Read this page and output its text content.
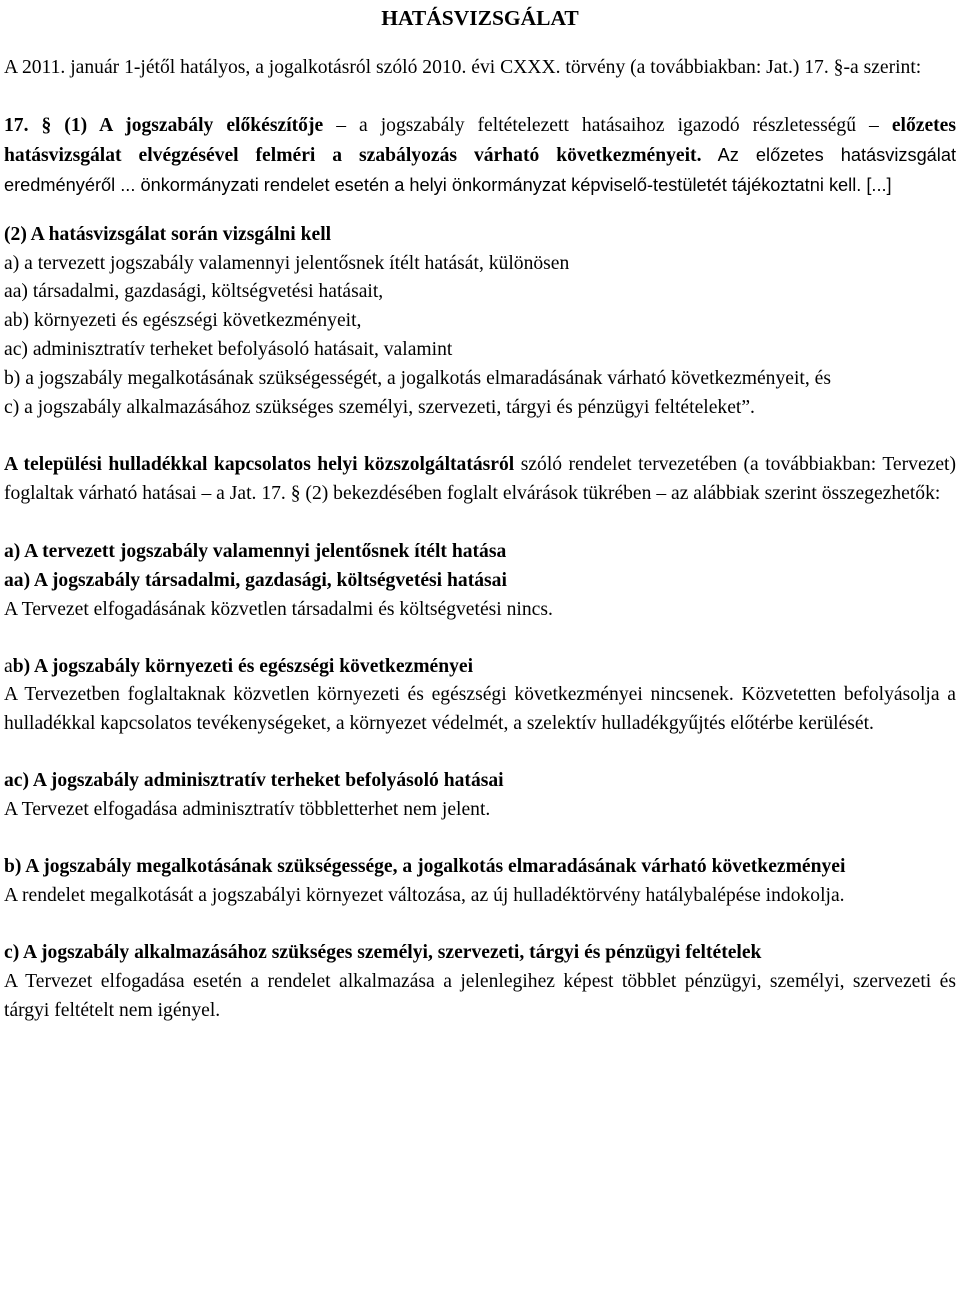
HATÁSVIZSGÁLAT

A 2011. január 1-jétől hatályos, a jogalkotásról szóló 2010. évi CXXX. törvény (a továbbiakban: Jat.) 17. §-a szerint:

17. § (1) A jogszabály előkészítője – a jogszabály feltételezett hatásaihoz igazodó részletességű – előzetes hatásvizsgálat elvégzésével felméri a szabályozás várható következményeit. Az előzetes hatásvizsgálat eredményéről ... önkormányzati rendelet esetén a helyi önkormányzat képviselő-testületét tájékoztatni kell. [...]

(2) A hatásvizsgálat során vizsgálni kell

a) a tervezett jogszabály valamennyi jelentősnek ítélt hatását, különösen

aa) társadalmi, gazdasági, költségvetési hatásait,

ab) környezeti és egészségi következményeit,

ac) adminisztratív terheket befolyásoló hatásait, valamint

b) a jogszabály megalkotásának szükségességét, a jogalkotás elmaradásának várható következményeit, és

c) a jogszabály alkalmazásához szükséges személyi, szervezeti, tárgyi és pénzügyi feltételeket”.

A települési hulladékkal kapcsolatos helyi közszolgáltatásról szóló rendelet tervezetében (a továbbiakban: Tervezet) foglaltak várható hatásai – a Jat. 17. § (2) bekezdésében foglalt elvárások tükrében – az alábbiak szerint összegezhetők:

a) A tervezett jogszabály valamennyi jelentősnek ítélt hatása

aa) A jogszabály társadalmi, gazdasági, költségvetési hatásai

A Tervezet elfogadásának közvetlen társadalmi és költségvetési nincs.

ab) A jogszabály környezeti és egészségi következményei

A Tervezetben foglaltaknak közvetlen környezeti és egészségi következményei nincsenek. Közvetetten befolyásolja a hulladékkal kapcsolatos tevékenységeket, a környezet védelmét, a szelektív hulladékgyűjtés előtérbe kerülését.

ac) A jogszabály adminisztratív terheket befolyásoló hatásai

A Tervezet elfogadása adminisztratív többletterhet nem jelent.

b) A jogszabály megalkotásának szükségessége, a jogalkotás elmaradásának várható következményei

A rendelet megalkotását a jogszabályi környezet változása, az új hulladéktörvény hatálybalépése indokolja.

c) A jogszabály alkalmazásához szükséges személyi, szervezeti, tárgyi és pénzügyi feltételek

A Tervezet elfogadása esetén a rendelet alkalmazása a jelenlegihez képest többlet pénzügyi, személyi, szervezeti és tárgyi feltételt nem igényel.
